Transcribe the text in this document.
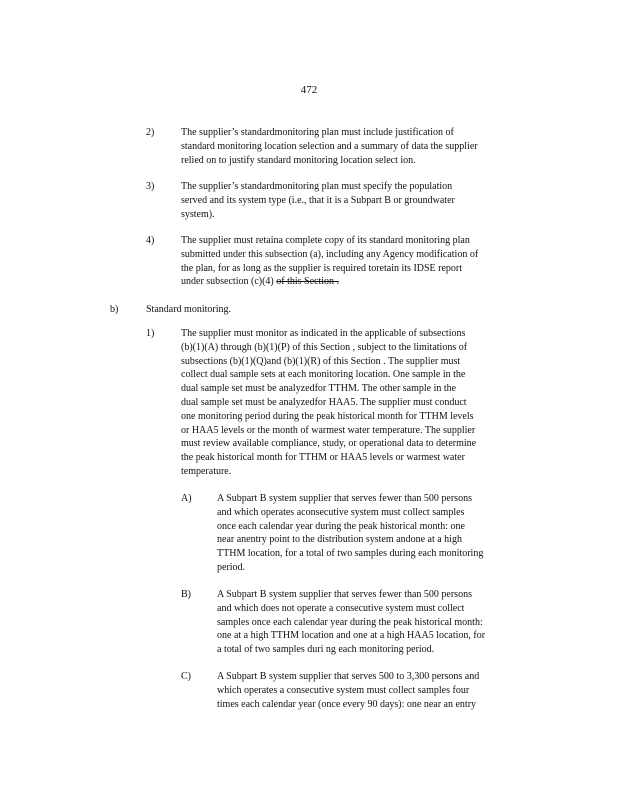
472
2)	The supplier’s standardmonitoring plan must include justification of
standard monitoring location selection and a summary of data the supplier
relied on to justify standard monitoring location select ion.
3)	The supplier’s standardmonitoring plan must specify the population
served and its system type (i.e., that it is a Subpart B or groundwater
system).
4)	The supplier must retaina complete copy of its standard monitoring plan
submitted under this subsection (a), including any Agency modification of
the plan, for as long as the supplier is required toretain its IDSE report
under subsection (c)(4) of this Section .
b)	Standard monitoring.
1)	The supplier must monitor as indicated in the applicable of subsections
(b)(1)(A) through (b)(1)(P) of this Section , subject to the limitations of
subsections (b)(1)(Q)and (b)(1)(R) of this Section . The supplier must
collect dual sample sets at each monitoring location. One sample in the
dual sample set must be analyzedfor TTHM. The other sample in the
dual sample set must be analyzedfor HAA5. The supplier must conduct
one monitoring period during the peak historical month for TTHM levels
or HAA5 levels or the month of warmest water temperature. The supplier
must review available compliance, study, or operational data to determine
the peak historical month for TTHM or HAA5 levels or warmest water
temperature.
A)	A Subpart B system supplier that serves fewer than 500 persons
and which operates aconsecutive system must collect samples
once each calendar year during the peak historical month: one
near anentry point to the distribution system andone at a high
TTHM location, for a total of two samples during each monitoring
period.
B)	A Subpart B system supplier that serves fewer than 500 persons
and which does not operate a consecutive system must collect
samples once each calendar year during the peak historical month:
one at a high TTHM location and one at a high HAA5 location, for
a total of two samples duri ng each monitoring period.
C)	A Subpart B system supplier that serves 500 to 3,300 persons and
which operates a consecutive system must collect samples four
times each calendar year (once every 90 days): one near an entry
